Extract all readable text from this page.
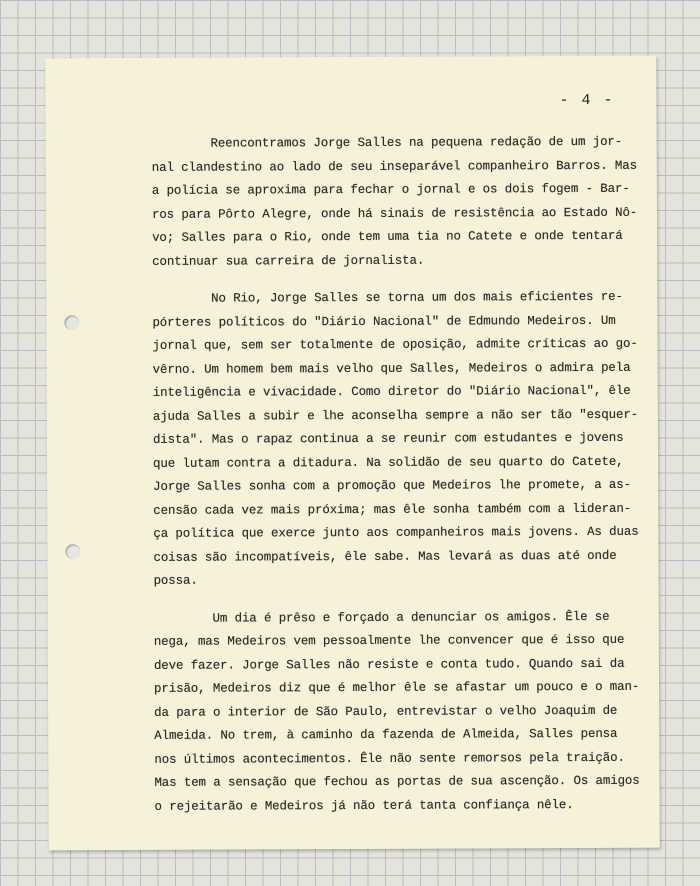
- 4 -
Reencontramos Jorge Salles na pequena redação de um jor-
nal clandestino ao lado de seu inseparável companheiro Barros. Mas
a polícia se aproxima para fechar o jornal e os dois fogem - Bar-
ros para Pôrto Alegre, onde há sinais de resistência ao Estado Nô-
vo; Salles para o Rio, onde tem uma tia no Catete e onde tentará
continuar sua carreira de jornalista.
No Rio, Jorge Salles se torna um dos mais eficientes re-
pórteres políticos do "Diário Nacional" de Edmundo Medeiros. Um
jornal que, sem ser totalmente de oposição, admite críticas ao go-
vêrno. Um homem bem mais velho que Salles, Medeiros o admira pela
inteligência e vivacidade. Como diretor do "Diário Nacional", êle
ajuda Salles a subir e lhe aconselha sempre a não ser tão "esquer-
dista". Mas o rapaz continua a se reunir com estudantes e jovens
que lutam contra a ditadura. Na solidão de seu quarto do Catete,
Jorge Salles sonha com a promoção que Medeiros lhe promete, a as-
censão cada vez mais próxima; mas êle sonha também com a lideran-
ça política que exerce junto aos companheiros mais jovens. As duas
coisas são incompatíveis, êle sabe. Mas levará as duas até onde
possa.
Um dia é prêso e forçado a denunciar os amigos. Êle se
nega, mas Medeiros vem pessoalmente lhe convencer que é isso que
deve fazer. Jorge Salles não resiste e conta tudo. Quando sai da
prisão, Medeiros diz que é melhor êle se afastar um pouco e o man-
da para o interior de São Paulo, entrevistar o velho Joaquim de
Almeida. No trem, à caminho da fazenda de Almeida, Salles pensa
nos últimos acontecimentos. Êle não sente remorsos pela traição.
Mas tem a sensação que fechou as portas de sua ascenção. Os amigos
o rejeitarão e Medeiros já não terá tanta confiança nêle.
